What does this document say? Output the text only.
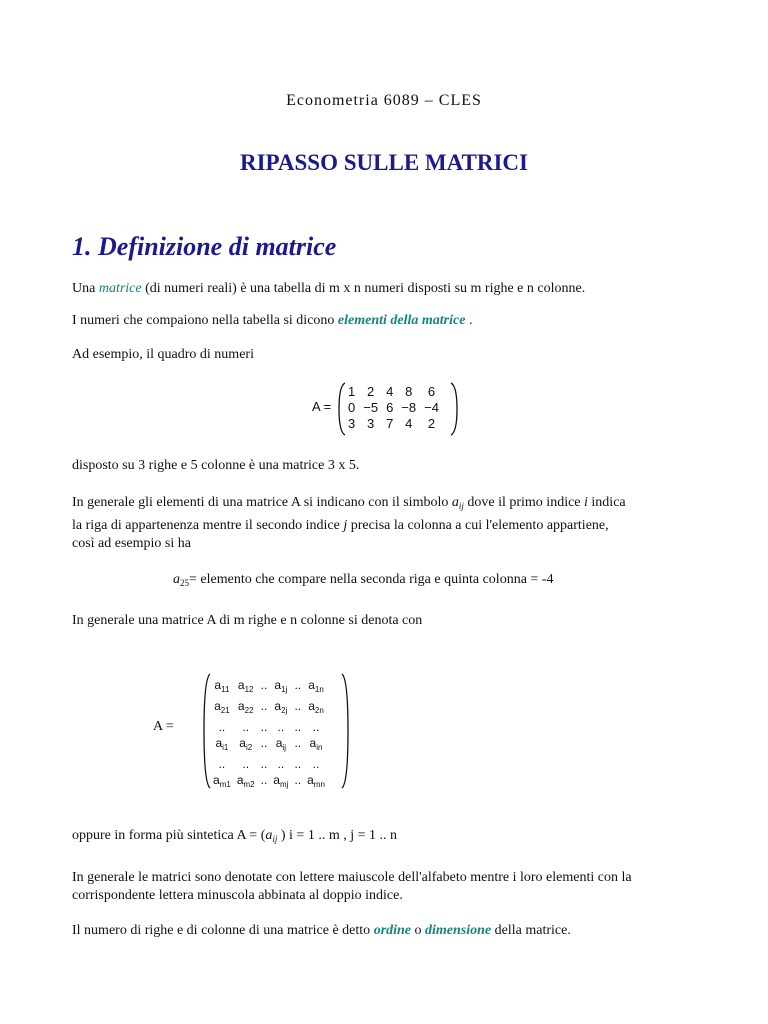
Econometria 6089 – CLES
RIPASSO SULLE MATRICI
1. Definizione di matrice
Una matrice (di numeri reali) è una tabella di m x n numeri disposti su m righe e n colonne.
I numeri che compaiono nella tabella si dicono elementi della matrice .
Ad esempio, il quadro di numeri
A =
1 2 4 8 6
0 −5 6 −8 −4
3 3 7 4 2
disposto su 3 righe e 5 colonne è una matrice 3 x 5.
In generale gli elementi di una matrice A si indicano con il simbolo $a_{ij}$ dove il primo indice i indica
la riga di appartenenza mentre il secondo indice j precisa la colonna a cui l'elemento appartiene,
così ad esempio si ha
$a_{25}=$ elemento che compare nella seconda riga e quinta colonna = -4
In generale una matrice A di m righe e n colonne si denota con
A =
$a_{11}$ $a_{12}$ .. $a_{1j}$ .. $a_{1n}$
$a_{21}$ $a_{22}$ .. $a_{2j}$ .. $a_{2n}$
..	.. .. .. .. ..
$a_{i1}$ $a_{i2}$ .. $a_{ij}$ .. $a_{in}$
..	.. .. .. .. ..
$a_{m1}$ $a_{m2}$ .. $a_{mj}$ .. $a_{mn}$
oppure in forma più sintetica $A = (a_{ij}$ ) i = 1 .. m , j = 1 .. n
In generale le matrici sono denotate con lettere maiuscole dell'alfabeto mentre i loro elementi con la
corrispondente lettera minuscola abbinata al doppio indice.
Il numero di righe e di colonne di una matrice è detto ordine o dimensione della matrice.
